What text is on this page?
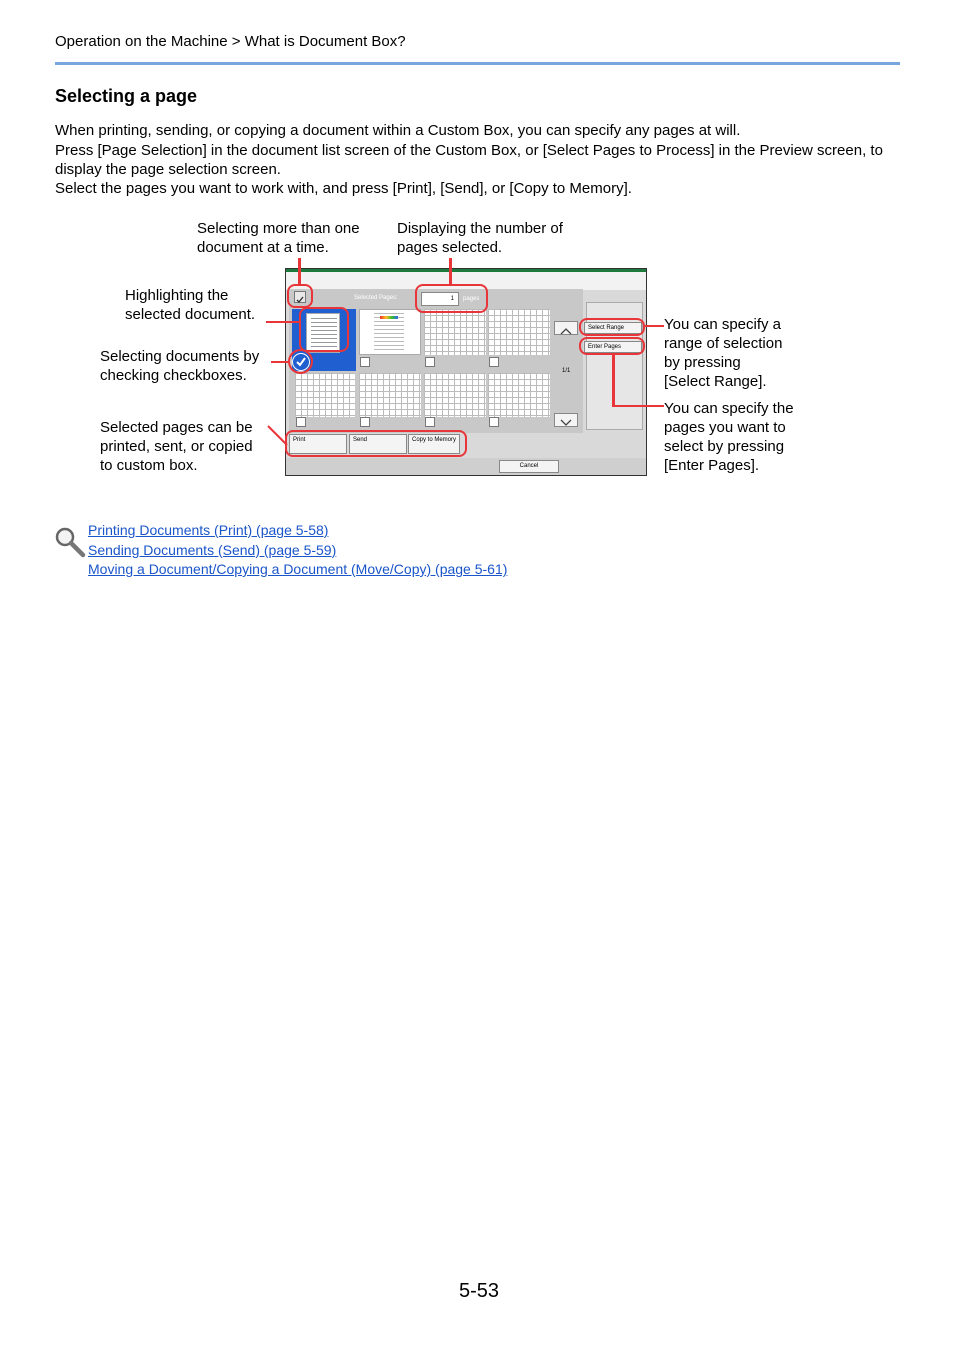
Operation on the Machine > What is Document Box?
Selecting a page
When printing, sending, or copying a document within a Custom Box, you can specify any pages at will.
Press [Page Selection] in the document list screen of the Custom Box, or [Select Pages to Process] in the Preview screen, to display the page selection screen.
Select the pages you want to work with, and press [Print], [Send], or [Copy to Memory].
Selecting more than one
document at a time.
Displaying the number of
pages selected.
Highlighting the
selected document.
Selecting documents by
checking checkboxes.
Selected pages can be
printed, sent, or copied
to custom box.
You can specify a
range of selection
by pressing
[Select Range].
You can specify the
pages you want to
select by pressing
[Enter Pages].
Selected Pages:	1	pages
1/1
Select Range
Enter Pages
Print	Send	Copy to Memory
Cancel
Printing Documents (Print) (page 5-58)
Sending Documents (Send) (page 5-59)
Moving a Document/Copying a Document (Move/Copy) (page 5-61)
5-53
